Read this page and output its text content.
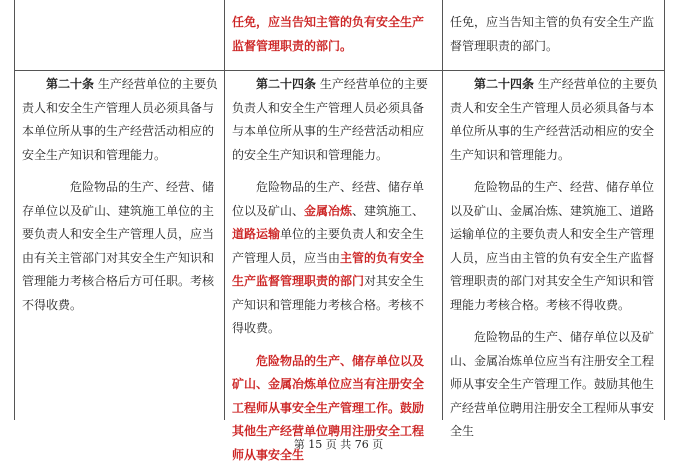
任免，应当告知主管的负有安全生产监督管理职责的部门。

任免，应当告知主管的负有安全生产监督管理职责的部门。

第二十条 生产经营单位的主要负责人和安全生产管理人员必须具备与本单位所从事的生产经营活动相应的安全生产知识和管理能力。

危险物品的生产、经营、储存单位以及矿山、建筑施工单位的主要负责人和安全生产管理人员，应当由有关主管部门对其安全生产知识和管理能力考核合格后方可任职。考核不得收费。

第二十四条 生产经营单位的主要负责人和安全生产管理人员必须具备与本单位所从事的生产经营活动相应的安全生产知识和管理能力。

危险物品的生产、经营、储存单位以及矿山、金属冶炼、建筑施工、道路运输单位的主要负责人和安全生产管理人员，应当由主管的负有安全生产监督管理职责的部门对其安全生产知识和管理能力考核合格。考核不得收费。

危险物品的生产、储存单位以及矿山、金属冶炼单位应当有注册安全工程师从事安全生产管理工作。鼓励其他生产经营单位聘用注册安全工程师从事安全生

第二十四条 生产经营单位的主要负责人和安全生产管理人员必须具备与本单位所从事的生产经营活动相应的安全生产知识和管理能力。

危险物品的生产、经营、储存单位以及矿山、金属冶炼、建筑施工、道路运输单位的主要负责人和安全生产管理人员，应当由主管的负有安全生产监督管理职责的部门对其安全生产知识和管理能力考核合格。考核不得收费。

危险物品的生产、储存单位以及矿山、金属冶炼单位应当有注册安全工程师从事安全生产管理工作。鼓励其他生产经营单位聘用注册安全工程师从事安全生

第 15 页 共 76 页
